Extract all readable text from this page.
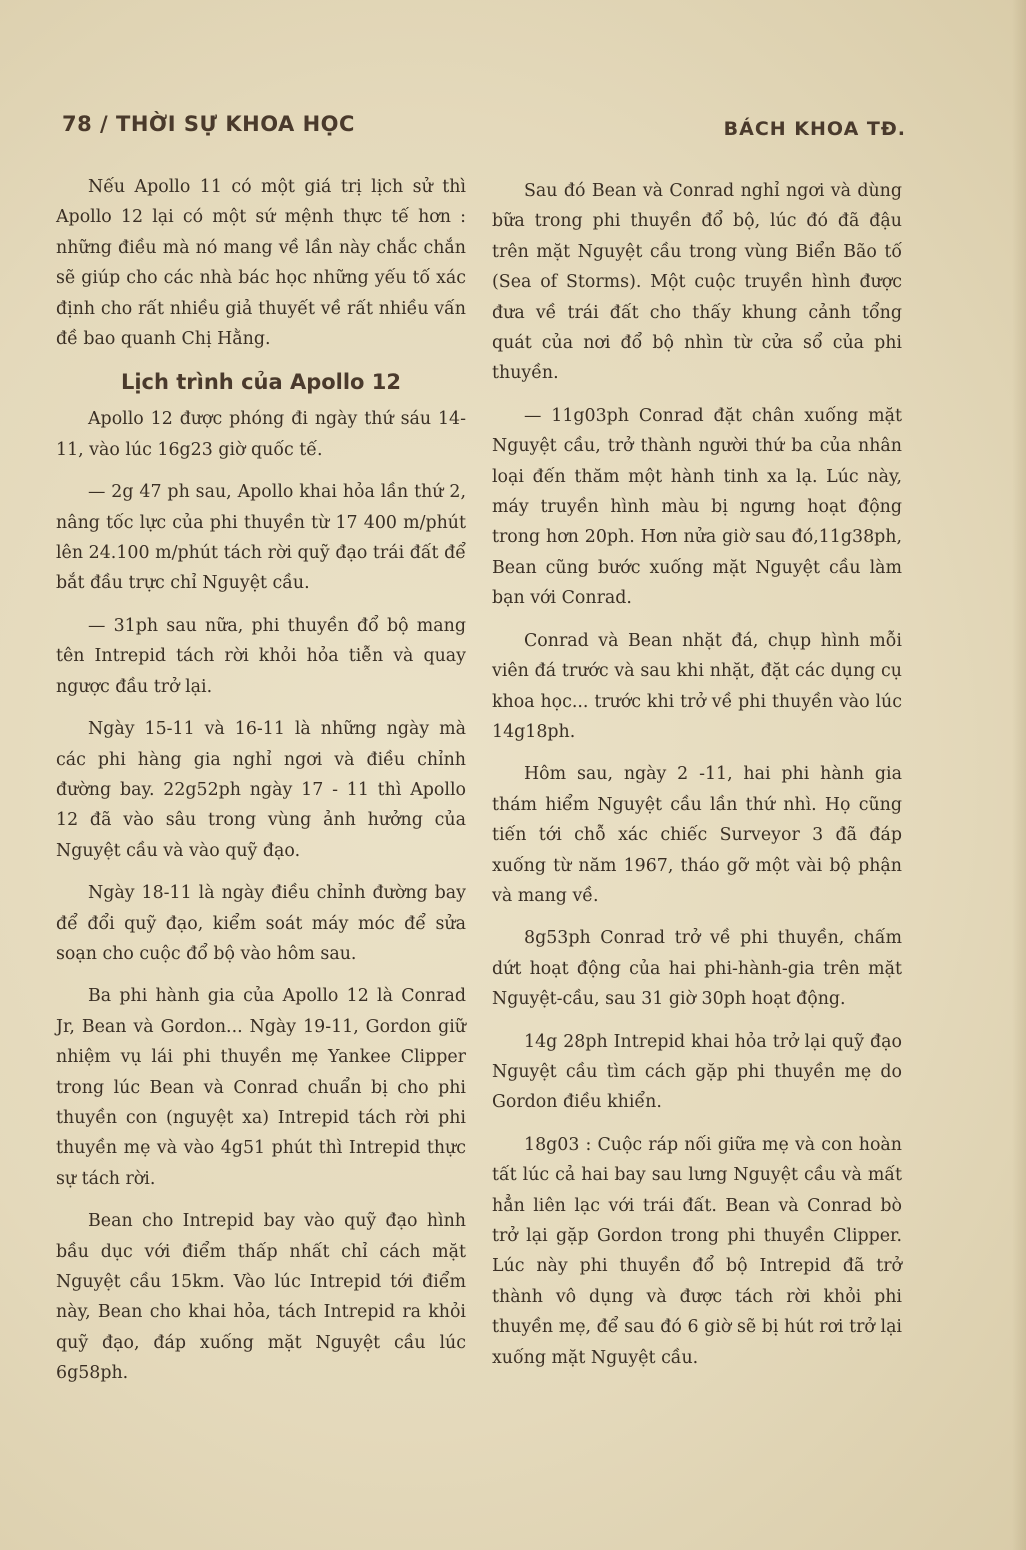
78 / THỜI SỰ KHOA HỌC	BÁCH KHOA TĐ.

Nếu Apollo 11 có một giá trị lịch sử thì Apollo 12 lại có một sứ mệnh thực tế hơn : những điều mà nó mang về lần này chắc chắn sẽ giúp cho các nhà bác học những yếu tố xác định cho rất nhiều giả thuyết về rất nhiều vấn đề bao quanh Chị Hằng.

Lịch trình của Apollo 12

Apollo 12 được phóng đi ngày thứ sáu 14-11, vào lúc 16g23 giờ quốc tế.

— 2g 47 ph sau, Apollo khai hỏa lần thứ 2, nâng tốc lực của phi thuyền từ 17 400 m/phút lên 24.100 m/phút tách rời quỹ đạo trái đất để bắt đầu trực chỉ Nguyệt cầu.

— 31ph sau nữa, phi thuyền đổ bộ mang tên Intrepid tách rời khỏi hỏa tiễn và quay ngược đầu trở lại.

Ngày 15-11 và 16-11 là những ngày mà các phi hàng gia nghỉ ngơi và điều chỉnh đường bay. 22g52ph ngày 17 - 11 thì Apollo 12 đã vào sâu trong vùng ảnh hưởng của Nguyệt cầu và vào quỹ đạo.

Ngày 18-11 là ngày điều chỉnh đường bay để đổi quỹ đạo, kiểm soát máy móc để sửa soạn cho cuộc đổ bộ vào hôm sau.

Ba phi hành gia của Apollo 12 là Conrad Jr, Bean và Gordon... Ngày 19-11, Gordon giữ nhiệm vụ lái phi thuyền mẹ Yankee Clipper trong lúc Bean và Conrad chuẩn bị cho phi thuyền con (nguyệt xa) Intrepid tách rời phi thuyền mẹ và vào 4g51 phút thì Intrepid thực sự tách rời.

Bean cho Intrepid bay vào quỹ đạo hình bầu dục với điểm thấp nhất chỉ cách mặt Nguyệt cầu 15km. Vào lúc Intrepid tới điểm này, Bean cho khai hỏa, tách Intrepid ra khỏi quỹ đạo, đáp xuống mặt Nguyệt cầu lúc 6g58ph.

Sau đó Bean và Conrad nghỉ ngơi và dùng bữa trong phi thuyền đổ bộ, lúc đó đã đậu trên mặt Nguyệt cầu trong vùng Biển Bão tố (Sea of Storms). Một cuộc truyền hình được đưa về trái đất cho thấy khung cảnh tổng quát của nơi đổ bộ nhìn từ cửa sổ của phi thuyền.

— 11g03ph Conrad đặt chân xuống mặt Nguyệt cầu, trở thành người thứ ba của nhân loại đến thăm một hành tinh xa lạ. Lúc này, máy truyền hình màu bị ngưng hoạt động trong hơn 20ph. Hơn nửa giờ sau đó,11g38ph, Bean cũng bước xuống mặt Nguyệt cầu làm bạn với Conrad.

Conrad và Bean nhặt đá, chụp hình mỗi viên đá trước và sau khi nhặt, đặt các dụng cụ khoa học... trước khi trở về phi thuyền vào lúc 14g18ph.

Hôm sau, ngày 2 -11, hai phi hành gia thám hiểm Nguyệt cầu lần thứ nhì. Họ cũng tiến tới chỗ xác chiếc Surveyor 3 đã đáp xuống từ năm 1967, tháo gỡ một vài bộ phận và mang về.

8g53ph Conrad trở về phi thuyền, chấm dứt hoạt động của hai phi-hành-gia trên mặt Nguyệt-cầu, sau 31 giờ 30ph hoạt động.

14g 28ph Intrepid khai hỏa trở lại quỹ đạo Nguyệt cầu tìm cách gặp phi thuyền mẹ do Gordon điều khiển.

18g03 : Cuộc ráp nối giữa mẹ và con hoàn tất lúc cả hai bay sau lưng Nguyệt cầu và mất hẳn liên lạc với trái đất. Bean và Conrad bò trở lại gặp Gordon trong phi thuyền Clipper. Lúc này phi thuyền đổ bộ Intrepid đã trở thành vô dụng và được tách rời khỏi phi thuyền mẹ, để sau đó 6 giờ sẽ bị hút rơi trở lại xuống mặt Nguyệt cầu.
